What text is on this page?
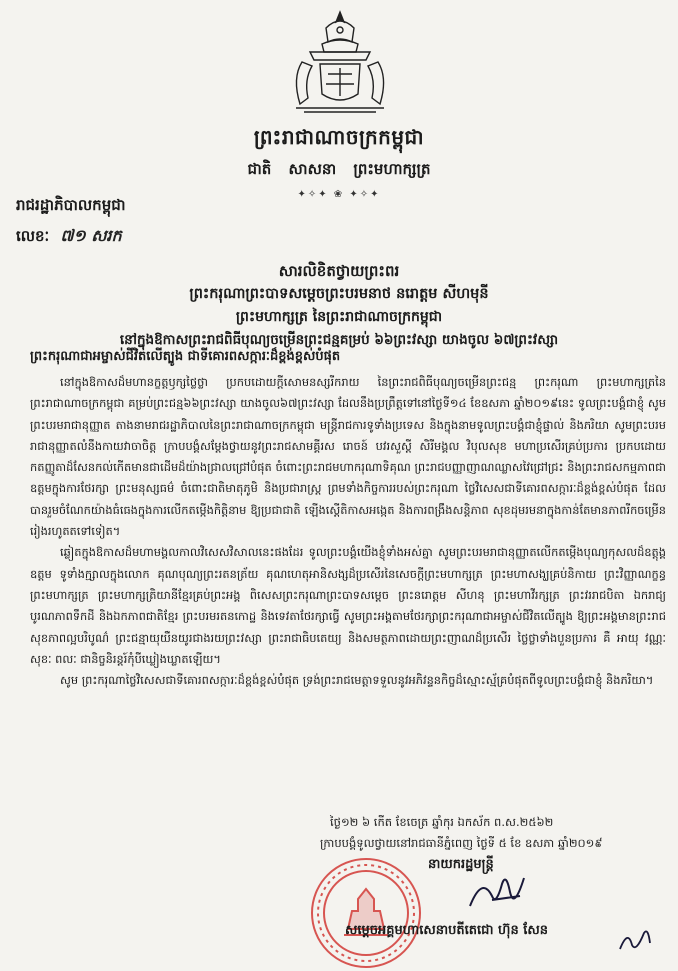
ព្រះរាជាណាចក្រកម្ពុជា
ជាតិ សាសនា ព្រះមហាក្សត្រ
✦✧✦ ❀ ✦✧✦
រាជរដ្ឋាភិបាលកម្ពុជា
លេខៈ ៧១ សរក
សារលិខិតថ្វាយព្រះពរ
ព្រះករុណាព្រះបាទសម្តេចព្រះបរមនាថ នរោត្តម សីហមុនី
ព្រះមហាក្សត្រ នៃព្រះរាជាណាចក្រកម្ពុជា
នៅក្នុងឱកាសព្រះរាជពិធីបុណ្យចម្រើនព្រះជន្មគម្រប់ ៦៦ព្រះវស្សា យាងចូល ៦៧ព្រះវស្សា
ព្រះករុណាជាអម្ចាស់ជីវិតលើត្បូង ជាទីគោរពសក្ការៈដ៏ខ្ពង់ខ្ពស់បំផុត

នៅក្នុងឱកាសដ៏មហានក្ខត្តឫក្សថ្លៃថ្លា ប្រកបដោយក្តីសោមនស្សរីករាយ នៃព្រះរាជពិធីបុណ្យចម្រើនព្រះជន្ម ព្រះករុណា ព្រះមហាក្សត្រនៃព្រះរាជាណាចក្រកម្ពុជា គម្រប់ព្រះជន្ម៦៦ព្រះវស្សា យាងចូល៦៧ព្រះវស្សា ដែលនឹងប្រព្រឹត្តទៅនៅថ្ងៃទី១៤ ខែឧសភា ឆ្នាំ២០១៩នេះ ទូលព្រះបង្គំជាខ្ញុំ សូមព្រះបរមរាជានុញ្ញាត តាងនាមរាជរដ្ឋាភិបាលនៃព្រះរាជាណាចក្រកម្ពុជា មន្ត្រីរាជការទូទាំងប្រទេស និងក្នុងនាមទូលព្រះបង្គំជាខ្ញុំផ្ទាល់ និងភរិយា សូមព្រះបរមរាជានុញ្ញាតលំនឹងកាយវាចាចិត្ត ក្រាបបង្គំសម្តែងថ្វាយនូវព្រះរាជសាមគ្គីរស រោចន៍ បវរសួស្តី សិរីមង្គល វិបុលសុខ មហាប្រសើរគ្រប់ប្រការ ប្រកបដោយកតញ្ញូតាដ៏សែនកល់កើតមានជាដើមដ៏យ៉ាងជ្រាលជ្រៅបំផុត ចំពោះព្រះរាជមហាករុណាទិគុណ ព្រះរាជបញ្ញាញាណឈ្លាសវៃជ្រៅជ្រះ និងព្រះរាជសកម្មភាពជាឧត្តមក្នុងការថែរក្សា ព្រះមនុស្សធម៌ ចំពោះជាតិមាតុភូមិ និងប្រជារាស្ត្រ ព្រមទាំងកិច្ចការរបស់ព្រះករុណា ថ្លៃវិសេសជាទីគោរពសក្ការៈដ៏ខ្ពង់ខ្ពស់បំផុត ដែលបានរួមចំណែកយ៉ាងធំធេងក្នុងការលើកតម្កើងកិត្តិនាម ឱ្យប្រជាជាតិ ឡើងស្តើតិកាសអង្កេត និងការពង្រឹងសន្តិភាព សុខដុមរមនាក្នុងកាន់តែមានភាពរីកចម្រើនរៀងរហូតតទៅទៀត។

ឆ្លៀតក្នុងឱកាសដ៏មហាមង្គលកាលវិសេសវិសាលនេះផងដែរ ទូលព្រះបង្គំយើងខ្ញុំទាំងអស់គ្នា សូមព្រះបរមរាជានុញ្ញាតលើកតម្កើងបុណ្យកុសលដ៏ឧត្តុង្គឧត្តម ទូទាំងក្ម្សាលក្នុងលោក គុណបុណ្យព្រះរតនត្រ័យ គុណហេតុអានិសង្សដ៏ប្រសើរនៃសេចក្តីព្រះមហាក្សត្រ ព្រះមហាសង្ឃគ្រប់និកាយ ព្រះវិញ្ញាណក្ខន្ធព្រះមហាក្សត្រ ព្រះមហាក្សត្រិយានីខ្មែរគ្រប់ព្រះអង្គ ពិសេសព្រះករុណាព្រះបាទសម្តេច ព្រះនរោត្តម សីហនុ ព្រះមហាវីរក្សត្រ ព្រះវររាជបិតា ឯករាជ្យ បូរណភាពទឹកដី និងឯកភាពជាតិខ្មែរ ព្រះបរមរតនកោដ្ឋ និងទេវតាថែរក្សាធ្វើ សូមព្រះអង្គតាមថែរក្សាព្រះករុណាជាអម្ចាស់ជីវិតលើត្បូង ឱ្យព្រះអង្គមានព្រះរាជសុខភាពល្អបរិបូណ៌ ព្រះជន្មាយុយឺនយូរជាងរយព្រះវស្សា ព្រះរាជាធិបតេយ្យ និងសមត្ថភាពដោយព្រះញាណដ៏ប្រសើរ ថ្លៃថ្លាទាំងបួនប្រការ គឺ អាយុ វណ្ណៈ សុខៈ ពលៈ ជានិច្ចនិរន្តរ៍កុំបីឃ្លៀងឃ្លាតឡើយ។

សូម ព្រះករុណាថ្លៃវិសេសជាទីគោរពសក្ការៈដ៏ខ្ពង់ខ្ពស់បំផុត ទ្រង់ព្រះរាជមេត្តាទទួលនូវអភិវន្ទនកិច្ចដ៏ស្មោះស្ម័គ្របំផុតពីទូលព្រះបង្គំជាខ្ញុំ និងភរិយា។

ថ្ងៃ១២ ៦ កើត ខែចេត្រ ឆ្នាំកុរ ឯកស័ក ព.ស.២៥៦២
ក្រាបបង្គំទូលថ្វាយនៅរាជធានីភ្នំពេញ ថ្ងៃទី ៥ ខែ ឧសភា ឆ្នាំ២០១៩
នាយករដ្ឋមន្ត្រី
សម្តេចអគ្គមហាសេនាបតីតេជោ ហ៊ុន សែន
